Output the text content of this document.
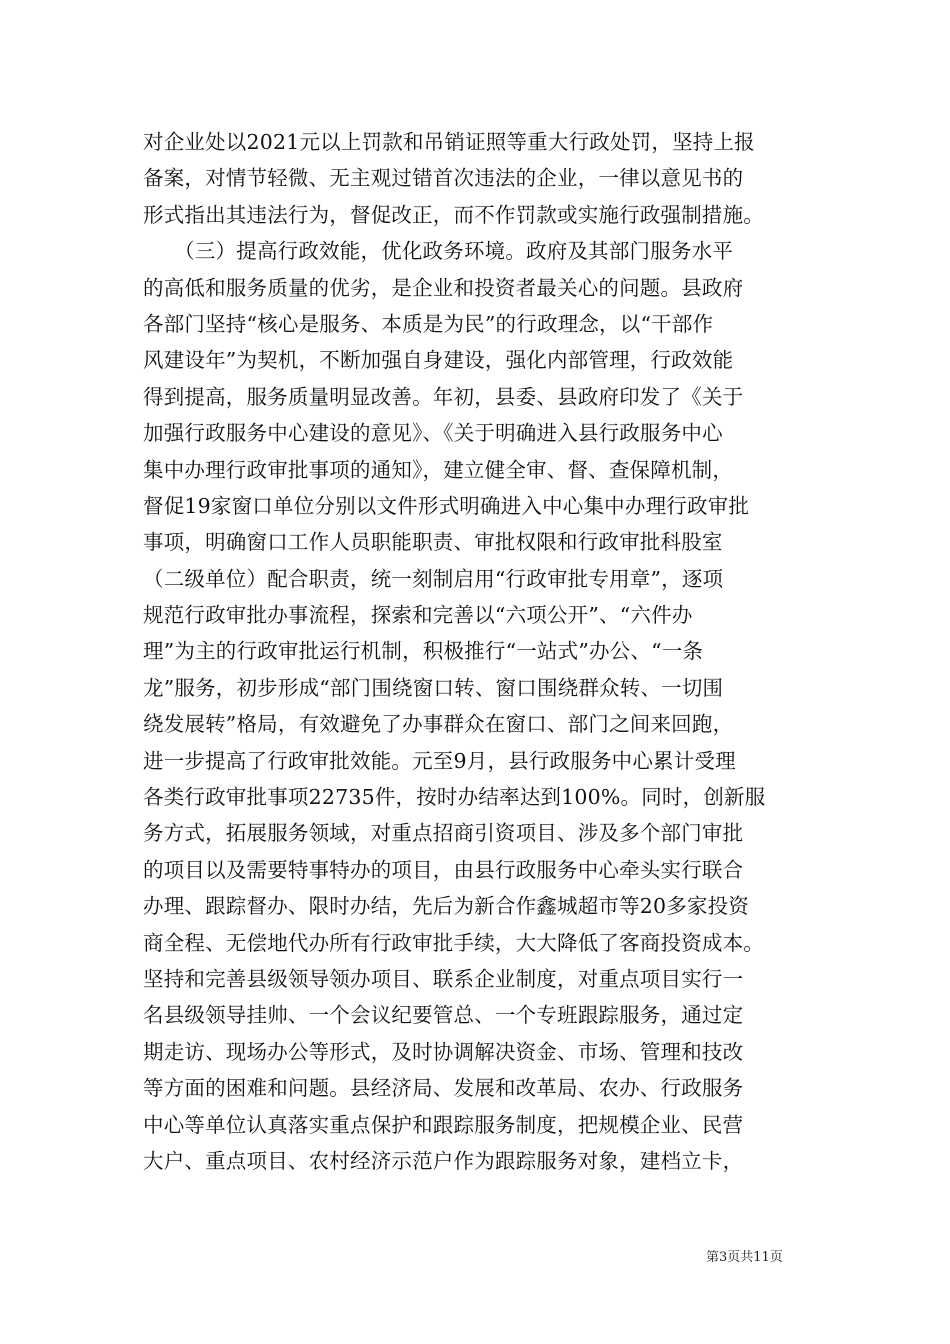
对企业处以2021元以上罚款和吊销证照等重大行政处罚，坚持上报
备案，对情节轻微、无主观过错首次违法的企业，一律以意见书的
形式指出其违法行为，督促改正，而不作罚款或实施行政强制措施。
　　（三）提高行政效能，优化政务环境。政府及其部门服务水平
的高低和服务质量的优劣，是企业和投资者最关心的问题。县政府
各部门坚持“核心是服务、本质是为民”的行政理念，以“干部作
风建设年”为契机，不断加强自身建设，强化内部管理，行政效能
得到提高，服务质量明显改善。年初，县委、县政府印发了《关于
加强行政服务中心建设的意见》、《关于明确进入县行政服务中心
集中办理行政审批事项的通知》，建立健全审、督、查保障机制，
督促19家窗口单位分别以文件形式明确进入中心集中办理行政审批
事项，明确窗口工作人员职能职责、审批权限和行政审批科股室
（二级单位）配合职责，统一刻制启用“行政审批专用章”，逐项
规范行政审批办事流程，探索和完善以“六项公开”、“六件办
理”为主的行政审批运行机制，积极推行“一站式”办公、“一条
龙”服务，初步形成“部门围绕窗口转、窗口围绕群众转、一切围
绕发展转”格局，有效避免了办事群众在窗口、部门之间来回跑，
进一步提高了行政审批效能。元至9月，县行政服务中心累计受理
各类行政审批事项22735件，按时办结率达到100%。同时，创新服
务方式，拓展服务领域，对重点招商引资项目、涉及多个部门审批
的项目以及需要特事特办的项目，由县行政服务中心牵头实行联合
办理、跟踪督办、限时办结，先后为新合作鑫城超市等20多家投资
商全程、无偿地代办所有行政审批手续，大大降低了客商投资成本。
坚持和完善县级领导领办项目、联系企业制度，对重点项目实行一
名县级领导挂帅、一个会议纪要管总、一个专班跟踪服务，通过定
期走访、现场办公等形式，及时协调解决资金、市场、管理和技改
等方面的困难和问题。县经济局、发展和改革局、农办、行政服务
中心等单位认真落实重点保护和跟踪服务制度，把规模企业、民营
大户、重点项目、农村经济示范户作为跟踪服务对象，建档立卡，
第3页共11页
